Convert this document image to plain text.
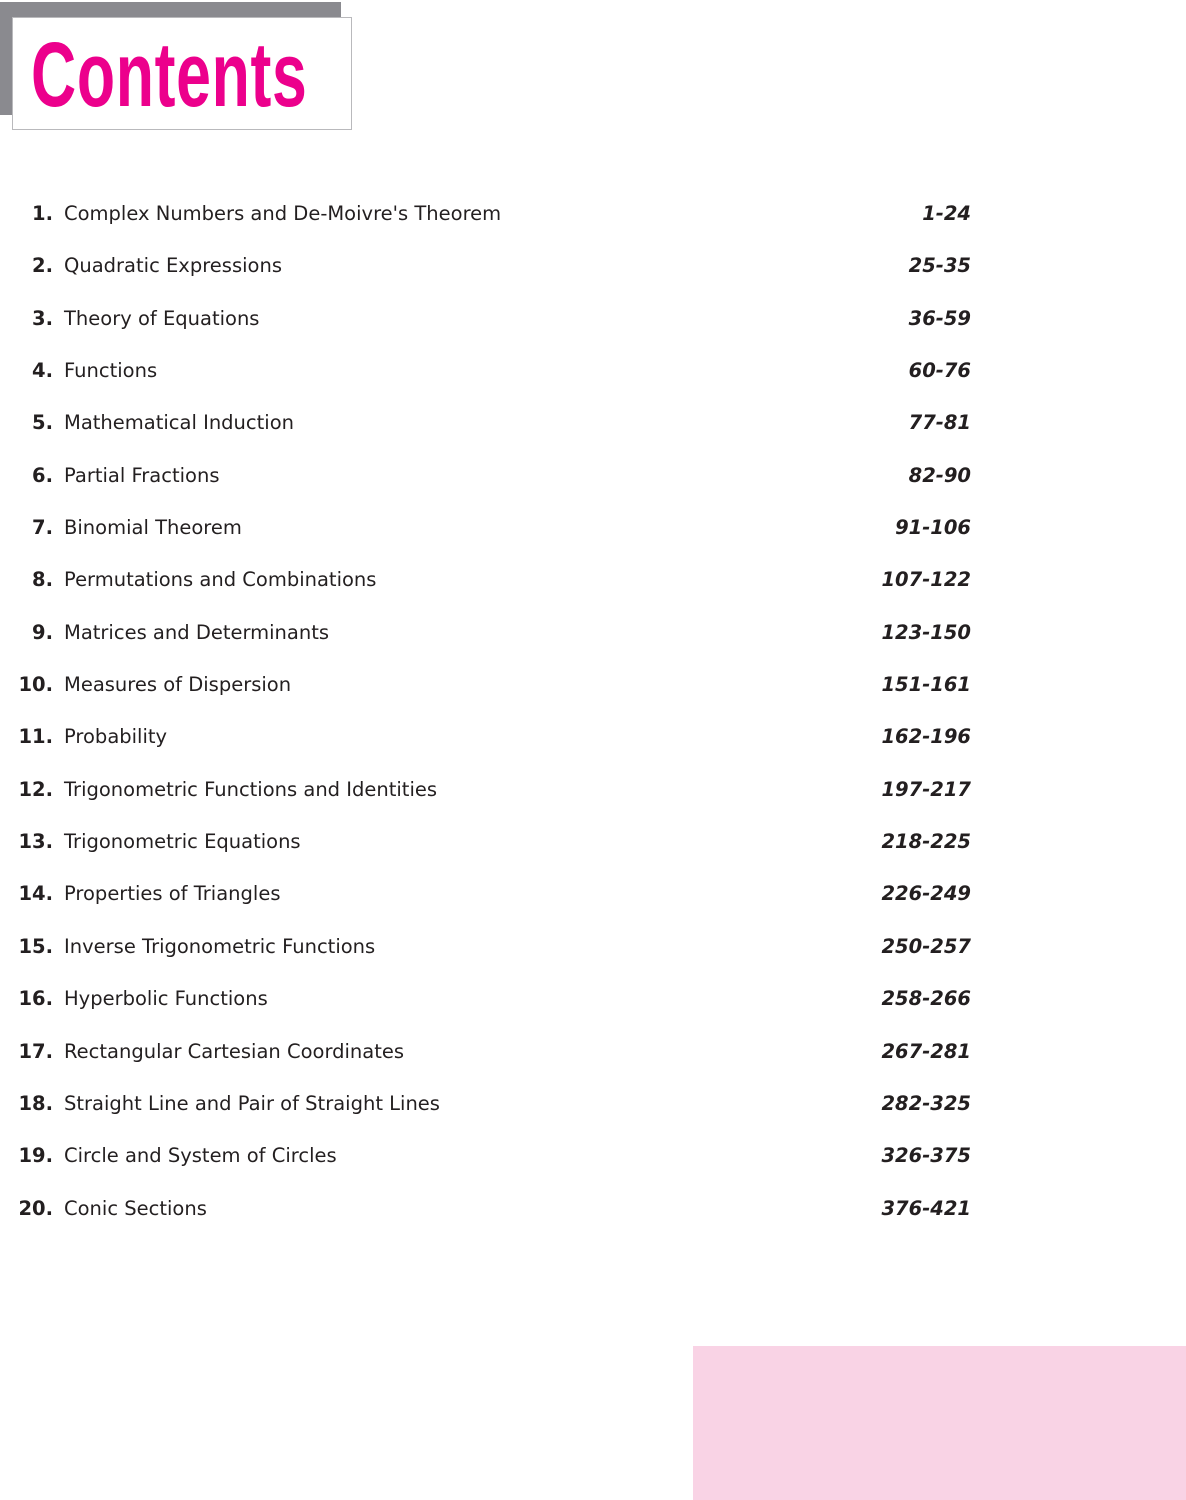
Contents
1. Complex Numbers and De-Moivre's Theorem	1-24
2. Quadratic Expressions	25-35
3. Theory of Equations	36-59
4. Functions	60-76
5. Mathematical Induction	77-81
6. Partial Fractions	82-90
7. Binomial Theorem	91-106
8. Permutations and Combinations	107-122
9. Matrices and Determinants	123-150
10. Measures of Dispersion	151-161
11. Probability	162-196
12. Trigonometric Functions and Identities	197-217
13. Trigonometric Equations	218-225
14. Properties of Triangles	226-249
15. Inverse Trigonometric Functions	250-257
16. Hyperbolic Functions	258-266
17. Rectangular Cartesian Coordinates	267-281
18. Straight Line and Pair of Straight Lines	282-325
19. Circle and System of Circles	326-375
20. Conic Sections	376-421
